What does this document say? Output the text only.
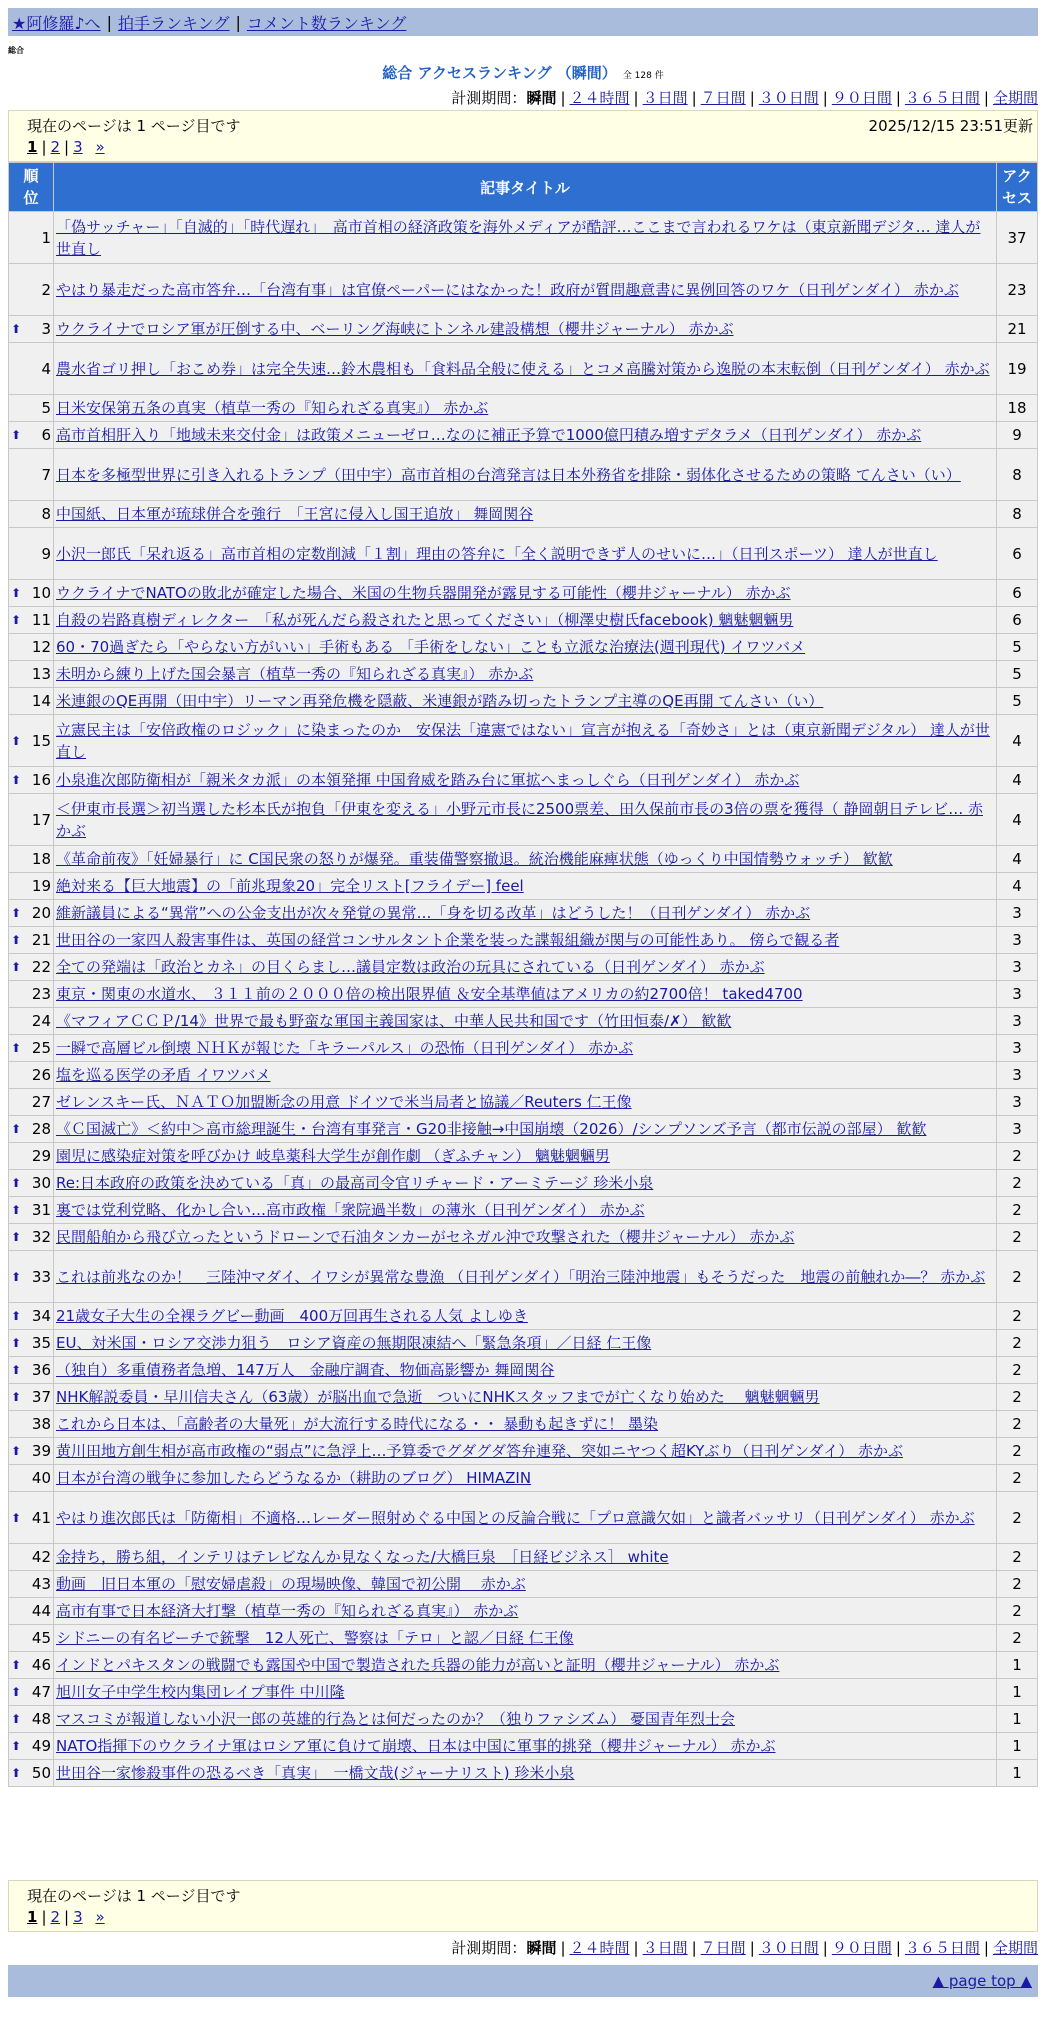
★阿修羅♪へ | 拍手ランキング | コメント数ランキング
総合
総合 アクセスランキング （瞬間） 全 128 件
計測期間：瞬間 | ２４時間 | ３日間 | ７日間 | ３０日間 | ９０日間 | ３６５日間 | 全期間
現在のページは 1 ページ目です	2025/12/15 23:51更新
1 | 2 | 3 »
順位	記事タイトル	アクセス
1	「偽サッチャー」「自滅的」「時代遅れ」　高市首相の経済政策を海外メディアが酷評…ここまで言われるワケは（東京新聞デジタ… 達人が世直し	37
2	やはり暴走だった高市答弁…「台湾有事」は官僚ペーパーにはなかった！政府が質問趣意書に異例回答のワケ（日刊ゲンダイ） 赤かぶ	23

⬆ 3	ウクライナでロシア軍が圧倒する中、ベーリング海峡にトンネル建設構想（櫻井ジャーナル） 赤かぶ	21
4	農水省ゴリ押し「おこめ券」は完全失速…鈴木農相も「食料品全般に使える」とコメ高騰対策から逸脱の本末転倒（日刊ゲンダイ） 赤かぶ	19
5	日米安保第五条の真実（植草一秀の『知られざる真実』） 赤かぶ	18

⬆ 6	高市首相肝入り「地域未来交付金」は政策メニューゼロ…なのに補正予算で1000億円積み増すデタラメ（日刊ゲンダイ） 赤かぶ	9
7	日本を多極型世界に引き入れるトランプ（田中宇）高市首相の台湾発言は日本外務省を排除・弱体化させるための策略 てんさい（い）	8
8	中国紙、日本軍が琉球併合を強行　「王宮に侵入し国王追放」 舞岡関谷	8
9	小沢一郎氏「呆れ返る」高市首相の定数削減「１割」理由の答弁に「全く説明できず人のせいに…」（日刊スポーツ） 達人が世直し	6

⬆ 10	ウクライナでNATOの敗北が確定した場合、米国の生物兵器開発が露見する可能性（櫻井ジャーナル） 赤かぶ	6

⬆ 11	自殺の岩路真樹ディレクター　「私が死んだら殺されたと思ってください」（柳澤史樹氏facebook) 魑魅魍魎男	6
12	60・70過ぎたら「やらない方がいい」手術もある 「手術をしない」ことも立派な治療法(週刊現代) イワツバメ	5
13	未明から練り上げた国会暴言（植草一秀の『知られざる真実』） 赤かぶ	5
14	米連銀のQE再開（田中宇）リーマン再発危機を隠蔽、米連銀が踏み切ったトランプ主導のQE再開 てんさい（い）	5

⬆ 15	立憲民主は「安倍政権のロジック」に染まったのか　安保法「違憲ではない」宣言が抱える「奇妙さ」とは（東京新聞デジタル） 達人が世直し	4

⬆ 16	小泉進次郎防衛相が「親米タカ派」の本領発揮 中国脅威を踏み台に軍拡へまっしぐら（日刊ゲンダイ） 赤かぶ	4
17	＜伊東市長選＞初当選した杉本氏が抱負「伊東を変える」小野元市長に2500票差、田久保前市長の3倍の票を獲得（ 静岡朝日テレビ… 赤かぶ	4
18	《革命前夜》「妊婦暴行」に C国民衆の怒りが爆発。重装備警察撤退。統治機能麻痺状態（ゆっくり中国情勢ウォッチ） 歓歓	4
19	絶対来る【巨大地震】の「前兆現象20」完全リスト[フライデー] feel	4

⬆ 20	維新議員による“異常”への公金支出が次々発覚の異常…「身を切る改革」はどうした！（日刊ゲンダイ） 赤かぶ	3

⬆ 21	世田谷の一家四人殺害事件は、英国の経営コンサルタント企業を装った諜報組織が関与の可能性あり。 傍らで観る者	3

⬆ 22	全ての発端は「政治とカネ」の目くらまし…議員定数は政治の玩具にされている（日刊ゲンダイ） 赤かぶ	3
23	東京・関東の水道水、 ３１１前の２０００倍の検出限界値 ＆安全基準値はアメリカの約2700倍！ taked4700	3
24	《マフィアＣＣＰ/14》世界で最も野蛮な軍国主義国家は、中華人民共和国です（竹田恒泰/✗） 歓歓	3

⬆ 25	一瞬で高層ビル倒壊 ＮＨＫが報じた「キラーパルス」の恐怖（日刊ゲンダイ） 赤かぶ	3
26	塩を巡る医学の矛盾 イワツバメ	3
27	ゼレンスキー氏、ＮＡＴＯ加盟断念の用意 ドイツで米当局者と協議／Reuters 仁王像	3

⬆ 28	《Ｃ国滅亡》＜約中＞高市総理誕生・台湾有事発言・G20非接触→中国崩壊（2026）/シンプソンズ予言（都市伝説の部屋） 歓歓	3
29	園児に感染症対策を呼びかけ 岐阜薬科大学生が創作劇 （ぎふチャン） 魑魅魍魎男	2

⬆ 30	Re:日本政府の政策を決めている「真」の最高司令官リチャード・アーミテージ 珍米小泉	2

⬆ 31	裏では党利党略、化かし合い…高市政権「衆院過半数」の薄氷（日刊ゲンダイ） 赤かぶ	2

⬆ 32	民間船舶から飛び立ったというドローンで石油タンカーがセネガル沖で攻撃された（櫻井ジャーナル） 赤かぶ	2

⬆ 33	これは前兆なのか！　三陸沖マダイ、イワシが異常な豊漁 （日刊ゲンダイ）「明治三陸沖地震」もそうだった　地震の前触れか―？ 赤かぶ	2

⬆ 34	21歳女子大生の全裸ラグビー動画　400万回再生される人気 よしゆき	2

⬆ 35	EU、対米国・ロシア交渉力狙う　ロシア資産の無期限凍結へ「緊急条項」／日経 仁王像	2

⬆ 36	（独自）多重債務者急増、147万人　金融庁調査、物価高影響か 舞岡関谷	2

⬆ 37	NHK解説委員・早川信夫さん（63歳）が脳出血で急逝　ついにNHKスタッフまでが亡くなり始めた　 魑魅魍魎男	2
38	これから日本は、「高齢者の大量死」が大流行する時代になる・・ 暴動も起きずに！ 墨染	2

⬆ 39	黄川田地方創生相が高市政権の“弱点”に急浮上…予算委でグダグダ答弁連発、突如ニヤつく超KYぶり（日刊ゲンダイ） 赤かぶ	2
40	日本が台湾の戦争に参加したらどうなるか（耕助のブログ） HIMAZIN	2

⬆ 41	やはり進次郎氏は「防衛相」不適格…レーダー照射めぐる中国との反論合戦に「プロ意識欠如」と識者バッサリ（日刊ゲンダイ） 赤かぶ	2
42	金持ち，勝ち組，インテリはテレビなんか見なくなった/大橋巨泉　［日経ビジネス］ white	2
43	動画　旧日本軍の「慰安婦虐殺」の現場映像、韓国で初公開　 赤かぶ	2
44	高市有事で日本経済大打撃（植草一秀の『知られざる真実』） 赤かぶ	2
45	シドニーの有名ビーチで銃撃　12人死亡、警察は「テロ」と認／日経 仁王像	2

⬆ 46	インドとパキスタンの戦闘でも露国や中国で製造された兵器の能力が高いと証明（櫻井ジャーナル） 赤かぶ	1

⬆ 47	旭川女子中学生校内集団レイプ事件 中川隆	1

⬆ 48	マスコミが報道しない小沢一郎の英雄的行為とは何だったのか？（独りファシズム） 憂国青年烈士会	1

⬆ 49	NATO指揮下のウクライナ軍はロシア軍に負けて崩壊、日本は中国に軍事的挑発（櫻井ジャーナル） 赤かぶ	1

⬆ 50	世田谷一家惨殺事件の恐るべき「真実」　一橋文哉(ジャーナリスト) 珍米小泉	1
現在のページは 1 ページ目です
1 | 2 | 3 »
計測期間：瞬間 | ２４時間 | ３日間 | ７日間 | ３０日間 | ９０日間 | ３６５日間 | 全期間
▲ page top ▲
